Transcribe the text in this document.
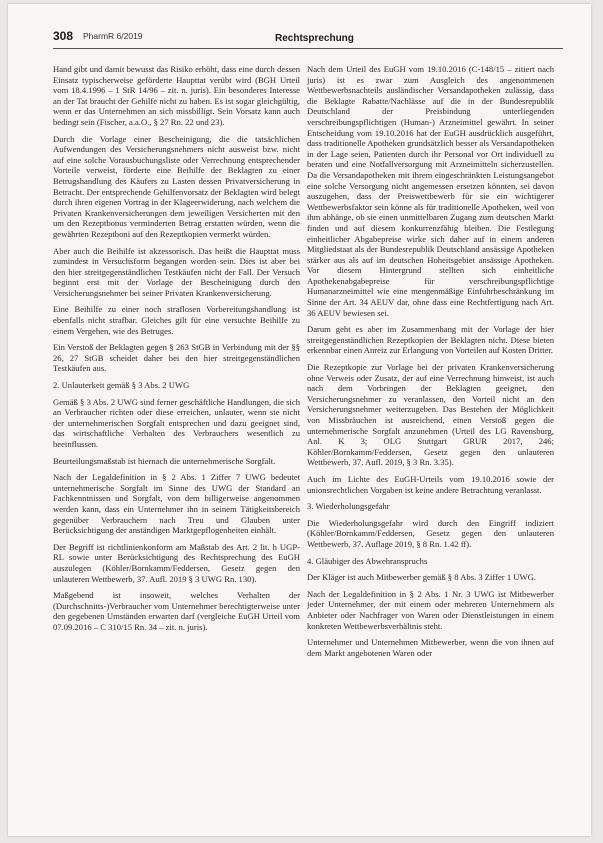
308 PharmR 6/2019	Rechtsprechung

Hand gibt und damit bewusst das Risiko erhöht, dass eine durch dessen Einsatz typischerweise geförderte Haupttat verübt wird (BGH Urteil vom 18.4.1996 – 1 StR 14/96 – zit. n. juris). Ein besonderes Interesse an der Tat braucht der Gehilfe nicht zu haben. Es ist sogar gleichgültig, wenn er das Unternehmen an sich missbilligt. Sein Vorsatz kann auch bedingt sein (Fischer, a.a.O., § 27 Rn. 22 und 23).

Durch die Vorlage einer Bescheinigung, die die tatsächlichen Aufwendungen des Versicherungsnehmers nicht ausweist bzw. nicht auf eine solche Vorausbuchungsliste oder Verrechnung entsprechender Vorteile verweist, förderte eine Beihilfe der Beklagten zu einer Betrugshandlung des Käufers zu Lasten dessen Privatversicherung in Betracht. Der entsprechende Gehilfenvorsatz der Beklagten wird belegt durch ihren eigenen Vortrag in der Klageerwiderung, nach welchem die Privaten Krankenversicherungen dem jeweiligen Versicherten mit den um den Rezeptbonus verminderten Betrag erstatten würden, wenn die gewährten Rezeptboni auf den Rezeptkopien vermerkt würden.

Aber auch die Beihilfe ist akzessorisch. Das heißt die Haupttat muss zumindest in Versuchsform begangen worden sein. Dies ist aber bei den hier streitgegenständlichen Testkäufen nicht der Fall. Der Versuch beginnt erst mit der Vorlage der Bescheinigung durch den Versicherungsnehmer bei seiner Privaten Krankenversicherung.

Eine Beihilfe zu einer noch straflosen Vorbereitungshandlung ist ebenfalls nicht strafbar. Gleiches gilt für eine versuchte Beihilfe zu einem Vergehen, wie des Betruges.

Ein Verstoß der Beklagten gegen § 263 StGB in Verbindung mit der §§ 26, 27 StGB scheidet daher bei den hier streitgegenständlichen Testkäufen aus.

2. Unlauterkeit gemäß § 3 Abs. 2 UWG

Gemäß § 3 Abs. 2 UWG sind ferner geschäftliche Handlungen, die sich an Verbraucher richten oder diese erreichen, unlauter, wenn sie nicht der unternehmerischen Sorgfalt entsprechen und dazu geeignet sind, das wirtschaftliche Verhalten des Verbrauchers wesentlich zu beeinflussen.

Beurteilungsmaßstab ist hiernach die unternehmerische Sorgfalt.

Nach der Legaldefinition in § 2 Abs. 1 Ziffer 7 UWG bedeutet unternehmerische Sorgfalt im Sinne des UWG der Standard an Fachkenntnissen und Sorgfalt, von dem billigerweise angenommen werden kann, dass ein Unternehmer ihn in seinem Tätigkeitsbereich gegenüber Verbrauchern nach Treu und Glauben unter Berücksichtigung der anständigen Marktgepflogenheiten einhält.

Der Begriff ist richtlinienkonform am Maßstab des Art. 2 lit. h UGP-RL sowie unter Berücksichtigung des Rechtsprechung des EuGH auszulegen (Köhler/Bornkamm/Feddersen, Gesetz gegen den unlauteren Wettbewerb, 37. Aufl. 2019 § 3 UWG Rn. 130).

Maßgebend ist insoweit, welches Verhalten der (Durchschnitts-)Verbraucher vom Unternehmer berechtigterweise unter den gegebenen Umständen erwarten darf (vergleiche EuGH Urteil vom 07.09.2016 – C 310/15 Rn. 34 – zit. n. juris).

Nach dem Urteil des EuGH vom 19.10.2016 (C-148/15 – zitiert nach juris) ist es zwar zum Ausgleich des angenommenen Wettbewerbsnachteils ausländischer Versandapotheken zulässig, dass die Beklagte Rabatte/Nachlässe auf die in der Bundesrepublik Deutschland der Preisbindung unterliegenden verschreibungspflichtigen (Human-) Arzneimittel gewährt. In seiner Entscheidung vom 19.10.2016 hat der EuGH ausdrücklich ausgeführt, dass traditionelle Apotheken grundsätzlich besser als Versandapotheken in der Lage seien, Patienten durch ihr Personal vor Ort individuell zu beraten und eine Notfallversorgung mit Arzneimitteln sicherzustellen. Da die Versandapotheken mit ihrem eingeschränkten Leistungsangebot eine solche Versorgung nicht angemessen ersetzen könnten, sei davon auszugehen, dass der Preiswettbewerb für sie ein wichtigerer Wettbewerbsfaktor sein könne als für traditionelle Apotheken, weil von ihm abhänge, ob sie einen unmittelbaren Zugang zum deutschen Markt finden und auf diesem konkurrenzfähig bleiben. Die Festlegung einheitlicher Abgabepreise wirke sich daher auf in einem anderen Mitgliedstaat als der Bundesrepublik Deutschland ansässige Apotheken stärker aus als auf im deutschen Hoheitsgebiet ansässige Apotheken. Vor diesem Hintergrund stellten sich einheitliche Apothekenabgabepreise für verschreibungspflichtige Humanarzneimittel wie eine mengenmäßige Einfuhrbeschränkung im Sinne der Art. 34 AEUV dar, ohne dass eine Rechtfertigung nach Art. 36 AEUV bewiesen sei.

Darum geht es aber im Zusammenhang mit der Vorlage der hier streitgegenständlichen Rezeptkopien der Beklagten nicht. Diese bieten erkennbar einen Anreiz zur Erlangung von Vorteilen auf Kosten Dritter.

Die Rezeptkopie zur Vorlage bei der privaten Krankenversicherung ohne Verweis oder Zusatz, der auf eine Verrechnung hinweist, ist auch nach dem Vorbringen der Beklagten geeignet, den Versicherungsnehmer zu veranlassen, den Vorteil nicht an den Versicherungsnehmer weiterzugeben. Das Bestehen der Möglichkeit von Missbräuchen ist ausreichend, einen Verstoß gegen die unternehmerische Sorgfalt anzunehmen (Urteil des LG Ravensburg, Anl. K 3; OLG Stuttgart GRUR 2017, 246; Köhler/Bornkamm/Feddersen, Gesetz gegen den unlauteren Wettbewerb, 37. Aufl. 2019, § 3 Rn. 3.35).

Auch im Lichte des EuGH-Urteils vom 19.10.2016 sowie der unionsrechtlichen Vorgaben ist keine andere Betrachtung veranlasst.

3. Wiederholungsgefahr

Die Wiederholungsgefahr wird durch den Eingriff indiziert (Köhler/Bornkamm/Feddersen, Gesetz gegen den unlauteren Wettbewerb, 37. Auflage 2019, § 8 Rn. 1.42 ff).

4. Gläubiger des Abwehranspruchs

Der Kläger ist auch Mitbewerber gemäß § 8 Abs. 3 Ziffer 1 UWG.

Nach der Legaldefinition in § 2 Abs. 1 Nr. 3 UWG ist Mitbewerber jeder Unternehmer, der mit einem oder mehreren Unternehmern als Anbieter oder Nachfrager von Waren oder Dienstleistungen in einem konkreten Wettbewerbsverhältnis steht.

Unternehmer und Unternehmen Mitbewerber, wenn die von ihnen auf dem Markt angebotenen Waren oder
